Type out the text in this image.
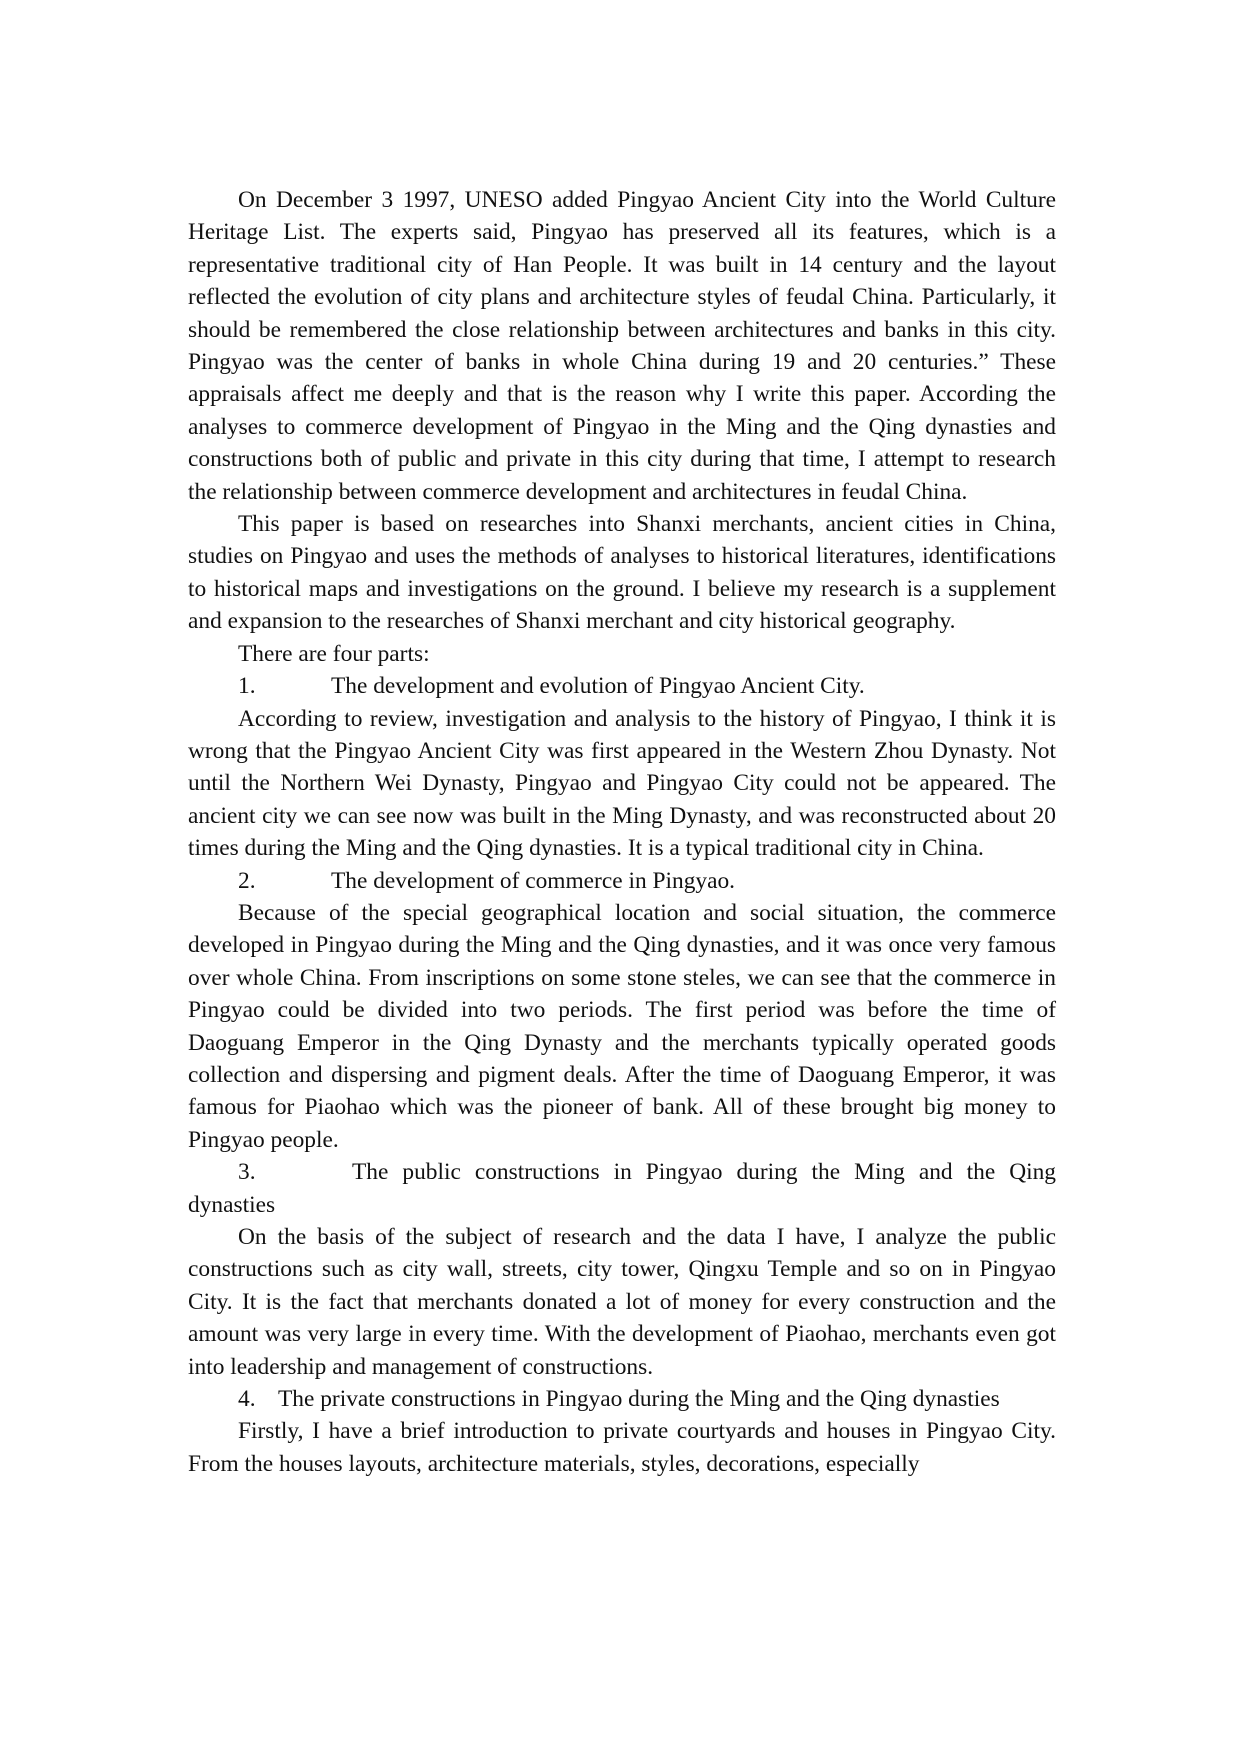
On December 3 1997, UNESO added Pingyao Ancient City into the World Culture Heritage List. The experts said, Pingyao has preserved all its features, which is a representative traditional city of Han People. It was built in 14 century and the layout reflected the evolution of city plans and architecture styles of feudal China. Particularly, it should be remembered the close relationship between architectures and banks in this city. Pingyao was the center of banks in whole China during 19 and 20 centuries.” These appraisals affect me deeply and that is the reason why I write this paper. According the analyses to commerce development of Pingyao in the Ming and the Qing dynasties and constructions both of public and private in this city during that time, I attempt to research the relationship between commerce development and architectures in feudal China.

This paper is based on researches into Shanxi merchants, ancient cities in China, studies on Pingyao and uses the methods of analyses to historical literatures, identifications to historical maps and investigations on the ground. I believe my research is a supplement and expansion to the researches of Shanxi merchant and city historical geography.

There are four parts:

1.	The development and evolution of Pingyao Ancient City.

According to review, investigation and analysis to the history of Pingyao, I think it is wrong that the Pingyao Ancient City was first appeared in the Western Zhou Dynasty. Not until the Northern Wei Dynasty, Pingyao and Pingyao City could not be appeared. The ancient city we can see now was built in the Ming Dynasty, and was reconstructed about 20 times during the Ming and the Qing dynasties. It is a typical traditional city in China.

2.	The development of commerce in Pingyao.

Because of the special geographical location and social situation, the commerce developed in Pingyao during the Ming and the Qing dynasties, and it was once very famous over whole China. From inscriptions on some stone steles, we can see that the commerce in Pingyao could be divided into two periods. The first period was before the time of Daoguang Emperor in the Qing Dynasty and the merchants typically operated goods collection and dispersing and pigment deals. After the time of Daoguang Emperor, it was famous for Piaohao which was the pioneer of bank. All of these brought big money to Pingyao people.

3.	The public constructions in Pingyao during the Ming and the Qing dynasties

On the basis of the subject of research and the data I have, I analyze the public constructions such as city wall, streets, city tower, Qingxu Temple and so on in Pingyao City. It is the fact that merchants donated a lot of money for every construction and the amount was very large in every time. With the development of Piaohao, merchants even got into leadership and management of constructions.

4. The private constructions in Pingyao during the Ming and the Qing dynasties

Firstly, I have a brief introduction to private courtyards and houses in Pingyao City. From the houses layouts, architecture materials, styles, decorations, especially
